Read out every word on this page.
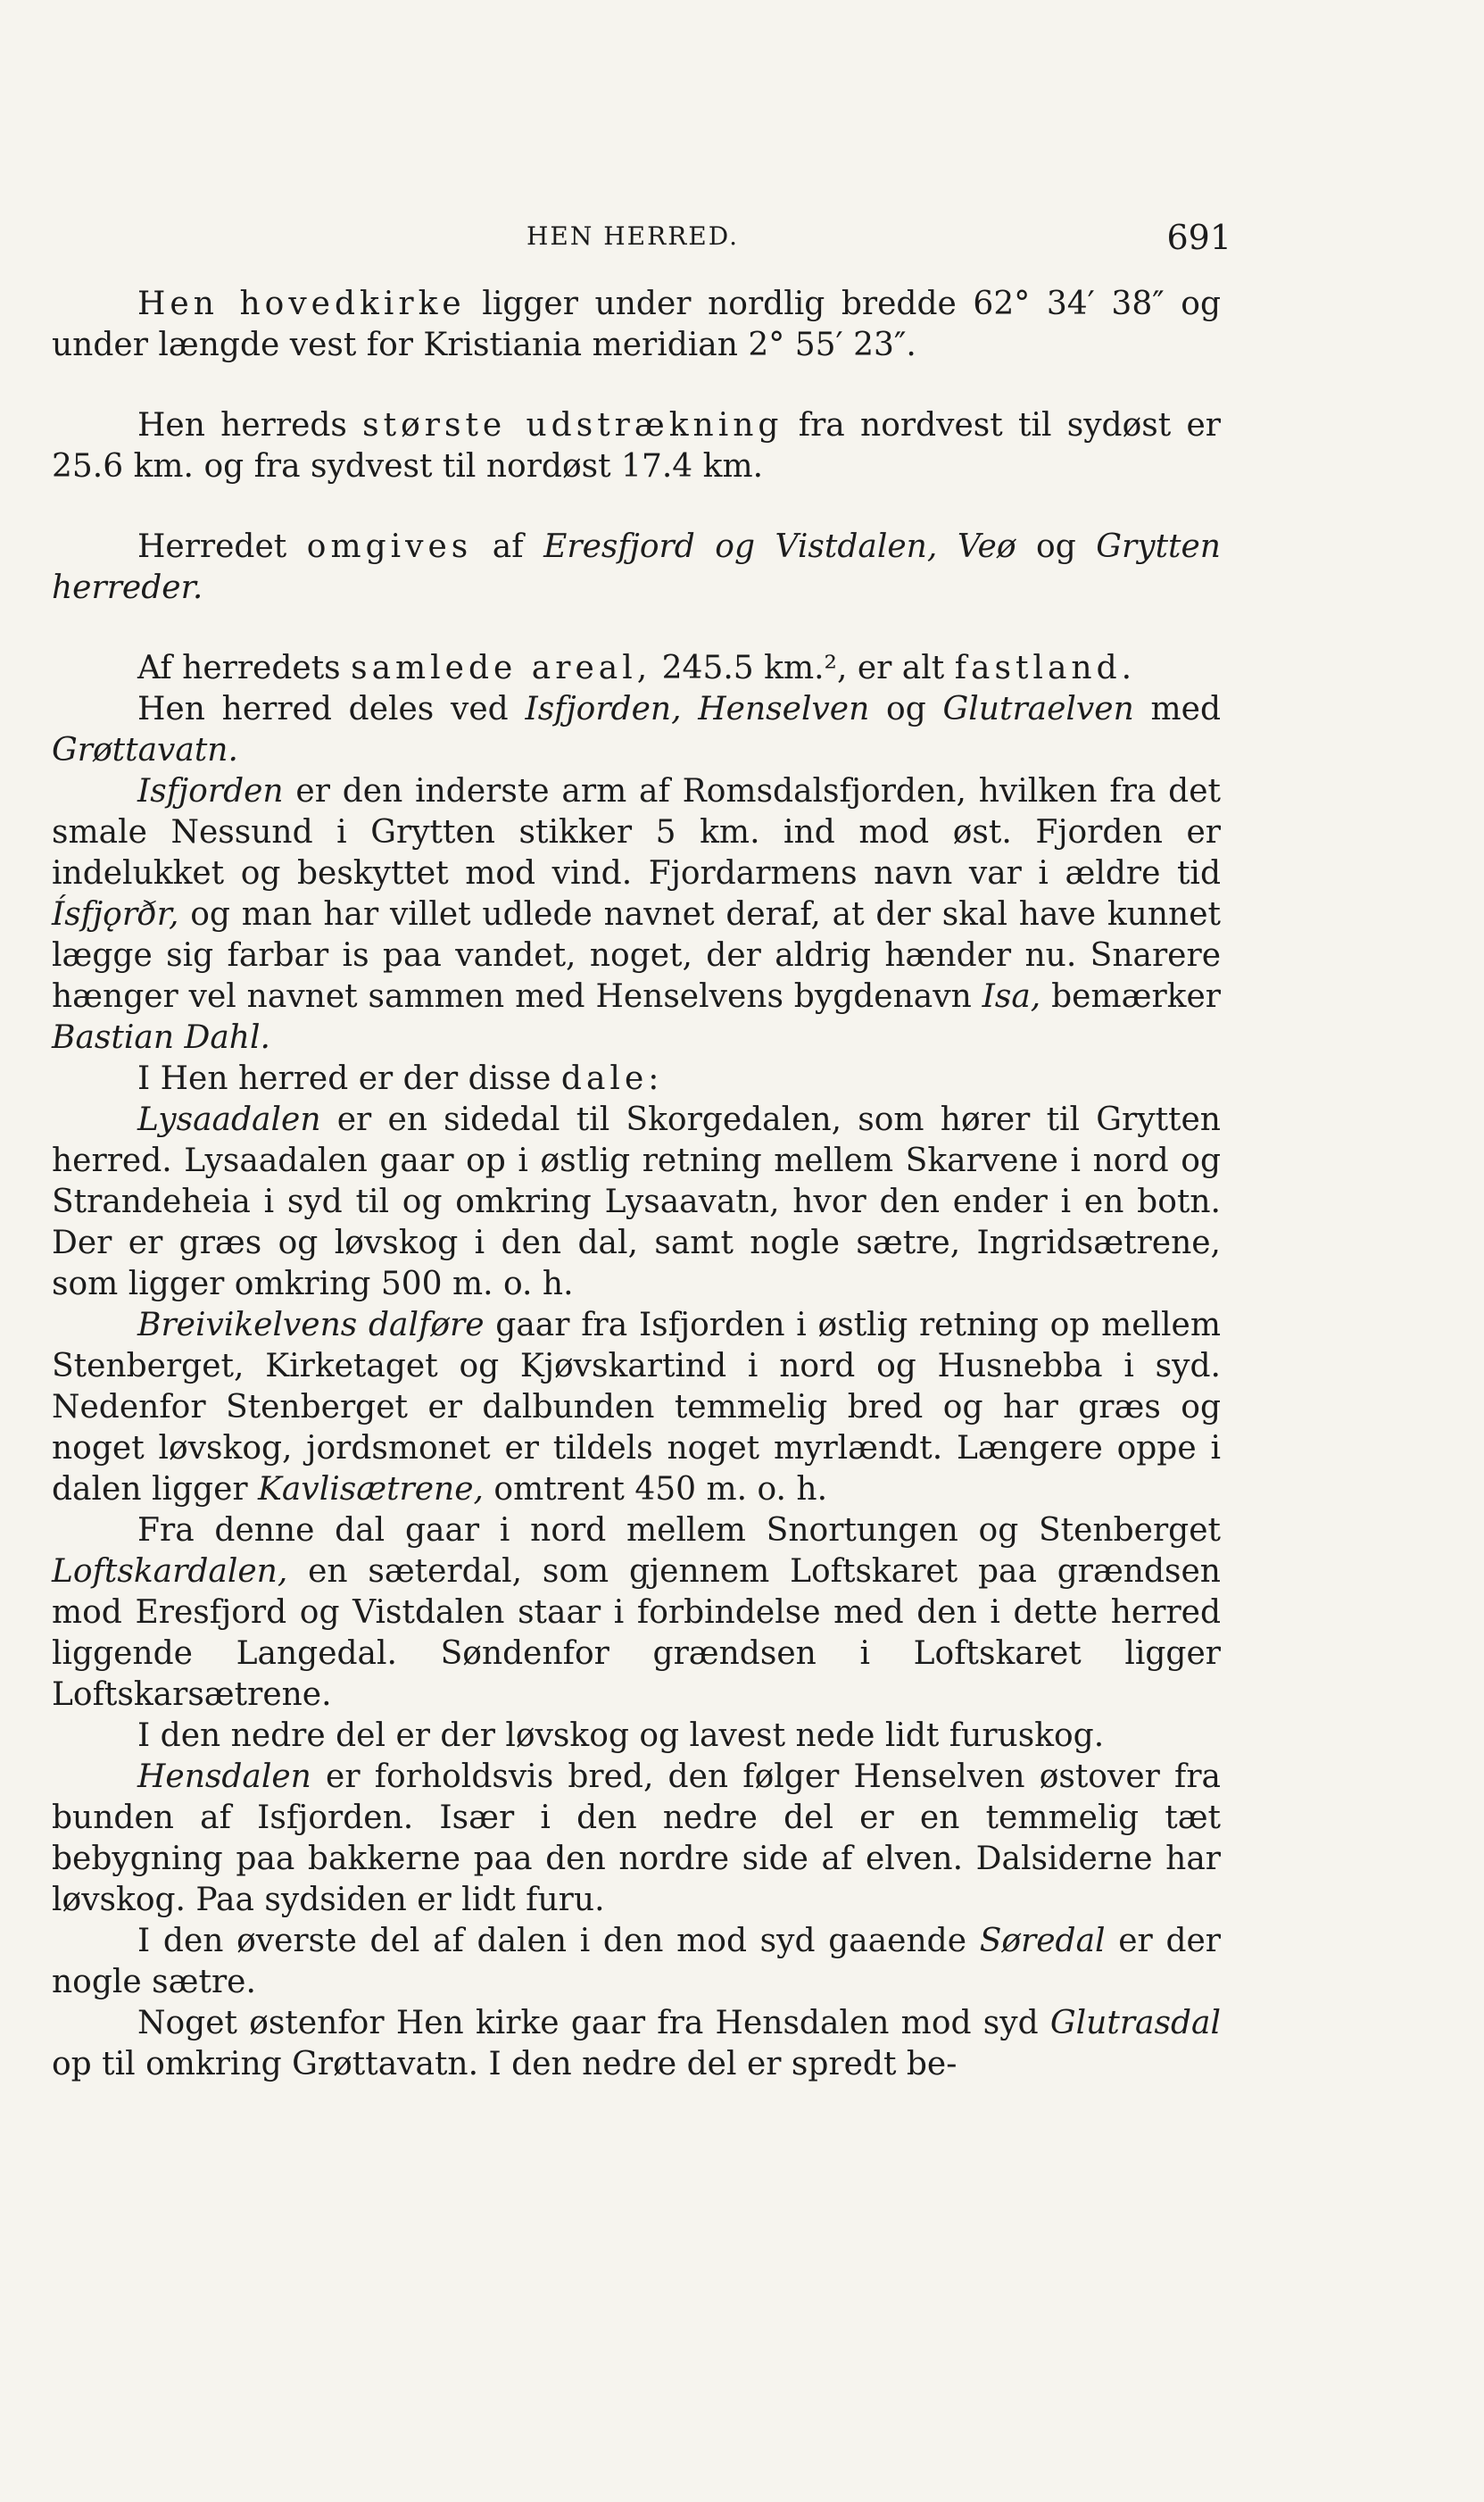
HEN HERRED.	691

Hen hovedkirke ligger under nordlig bredde 62° 34′ 38″ og under længde vest for Kristiania meridian 2° 55′ 23″.

Hen herreds største udstrækning fra nordvest til sydøst er 25.6 km. og fra sydvest til nordøst 17.4 km.

Herredet omgives af Eresfjord og Vistdalen, Veø og Grytten herreder.

Af herredets samlede areal, 245.5 km.², er alt fastland.

Hen herred deles ved Isfjorden, Henselven og Glutraelven med Grøttavatn.

Isfjorden er den inderste arm af Romsdalsfjorden, hvilken fra det smale Nessund i Grytten stikker 5 km. ind mod øst. Fjorden er indelukket og beskyttet mod vind. Fjordarmens navn var i ældre tid Ísfjǫrðr, og man har villet udlede navnet deraf, at der skal have kunnet lægge sig farbar is paa vandet, noget, der aldrig hænder nu. Snarere hænger vel navnet sammen med Henselvens bygdenavn Isa, bemærker Bastian Dahl.

I Hen herred er der disse dale:

Lysaadalen er en sidedal til Skorgedalen, som hører til Grytten herred. Lysaadalen gaar op i østlig retning mellem Skarvene i nord og Strandeheia i syd til og omkring Lysaavatn, hvor den ender i en botn. Der er græs og løvskog i den dal, samt nogle sætre, Ingridsætrene, som ligger omkring 500 m. o. h.

Breivikelvens dalføre gaar fra Isfjorden i østlig retning op mellem Stenberget, Kirketaget og Kjøvskartind i nord og Husnebba i syd. Nedenfor Stenberget er dalbunden temmelig bred og har græs og noget løvskog, jordsmonet er tildels noget myrlændt. Længere oppe i dalen ligger Kavlisætrene, omtrent 450 m. o. h.

Fra denne dal gaar i nord mellem Snortungen og Stenberget Loftskardalen, en sæterdal, som gjennem Loftskaret paa grændsen mod Eresfjord og Vistdalen staar i forbindelse med den i dette herred liggende Langedal. Søndenfor grændsen i Loftskaret ligger Loftskarsætrene.

I den nedre del er der løvskog og lavest nede lidt furuskog.

Hensdalen er forholdsvis bred, den følger Henselven østover fra bunden af Isfjorden. Især i den nedre del er en temmelig tæt bebygning paa bakkerne paa den nordre side af elven. Dalsiderne har løvskog. Paa sydsiden er lidt furu.

I den øverste del af dalen i den mod syd gaaende Søredal er der nogle sætre.

Noget østenfor Hen kirke gaar fra Hensdalen mod syd Glutrasdal op til omkring Grøttavatn. I den nedre del er spredt be-
